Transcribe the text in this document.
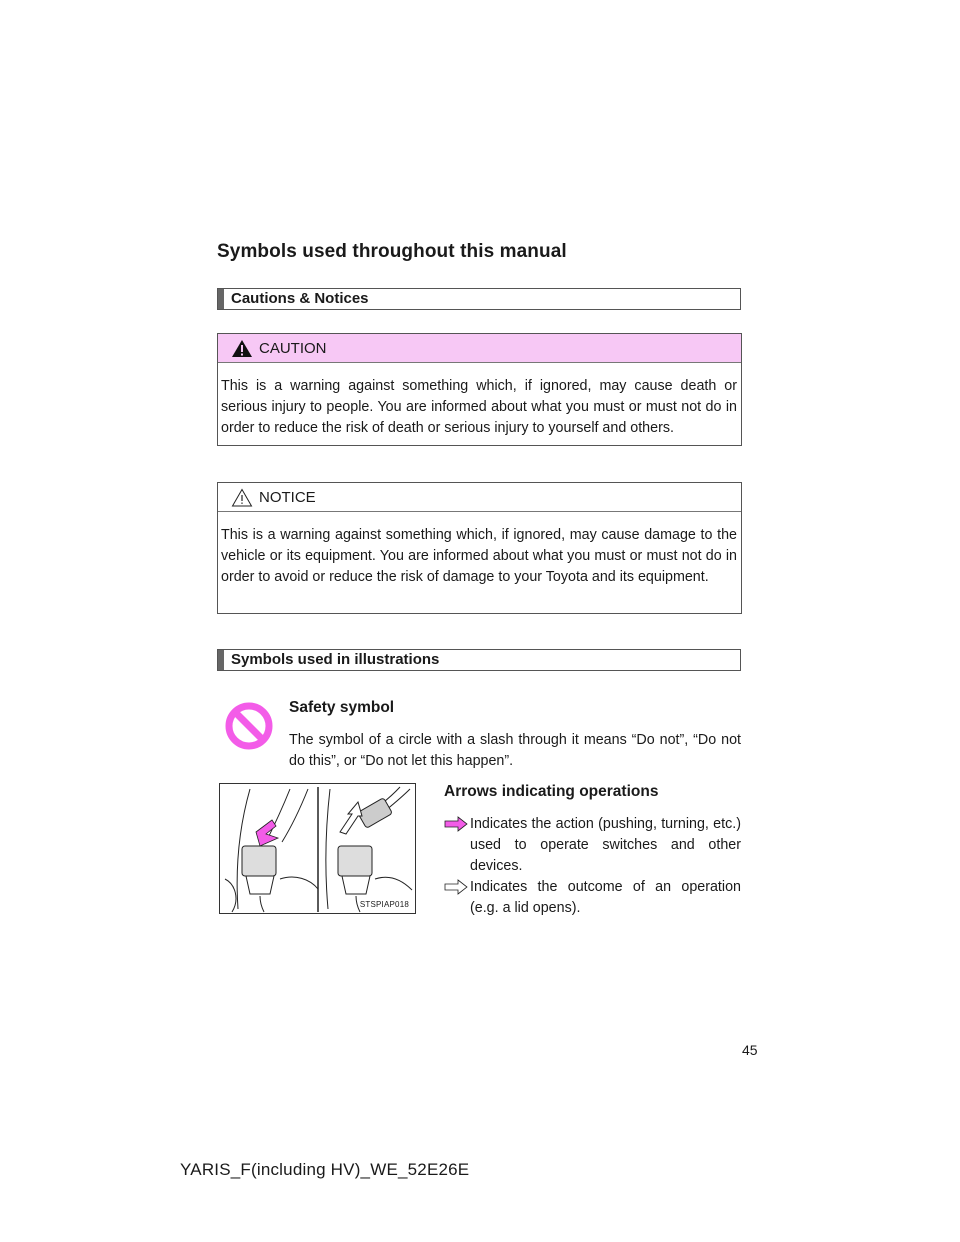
Symbols used throughout this manual
Cautions & Notices
CAUTION
This is a warning against something which, if ignored, may cause death or serious injury to people. You are informed about what you must or must not do in order to reduce the risk of death or serious injury to yourself and others.
NOTICE
This is a warning against something which, if ignored, may cause damage to the vehicle or its equipment. You are informed about what you must or must not do in order to avoid or reduce the risk of damage to your Toyota and its equipment.
Symbols used in illustrations
Safety symbol
The symbol of a circle with a slash through it means “Do not”, “Do not do this”, or “Do not let this happen”.
STSPIAP018
Arrows indicating operations
Indicates the action (pushing, turning, etc.) used to operate switches and other devices.
Indicates the outcome of an operation (e.g. a lid opens).
45
YARIS_F(including HV)_WE_52E26E
